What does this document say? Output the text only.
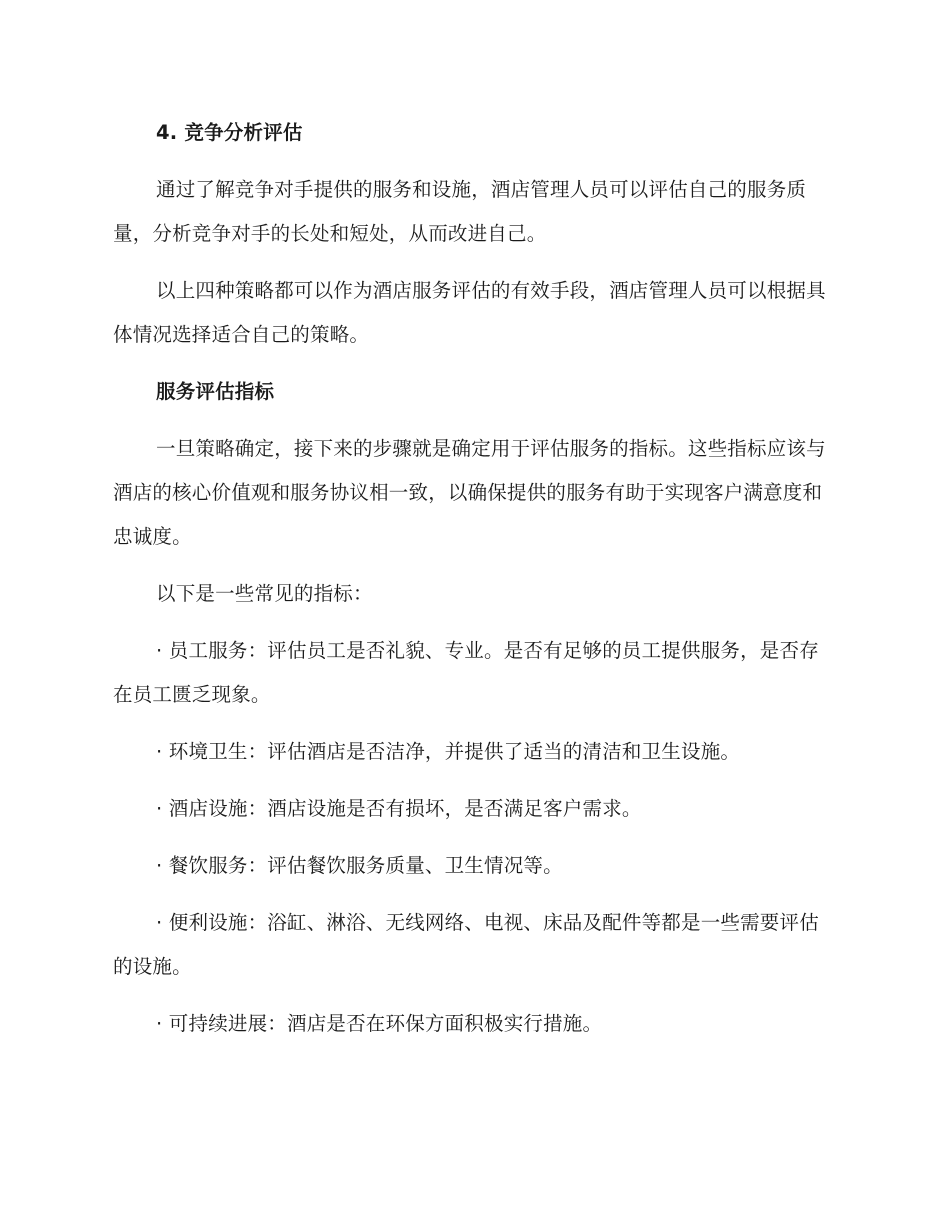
4. 竞争分析评估

通过了解竞争对手提供的服务和设施，酒店管理人员可以评估自己的服务质量，分析竞争对手的长处和短处，从而改进自己。

以上四种策略都可以作为酒店服务评估的有效手段，酒店管理人员可以根据具体情况选择适合自己的策略。

服务评估指标

一旦策略确定，接下来的步骤就是确定用于评估服务的指标。这些指标应该与酒店的核心价值观和服务协议相一致，以确保提供的服务有助于实现客户满意度和忠诚度。

以下是一些常见的指标：

· 员工服务：评估员工是否礼貌、专业。是否有足够的员工提供服务，是否存在员工匮乏现象。

· 环境卫生：评估酒店是否洁净，并提供了适当的清洁和卫生设施。

· 酒店设施：酒店设施是否有损坏，是否满足客户需求。

· 餐饮服务：评估餐饮服务质量、卫生情况等。

· 便利设施：浴缸、淋浴、无线网络、电视、床品及配件等都是一些需要评估的设施。

· 可持续进展：酒店是否在环保方面积极实行措施。
